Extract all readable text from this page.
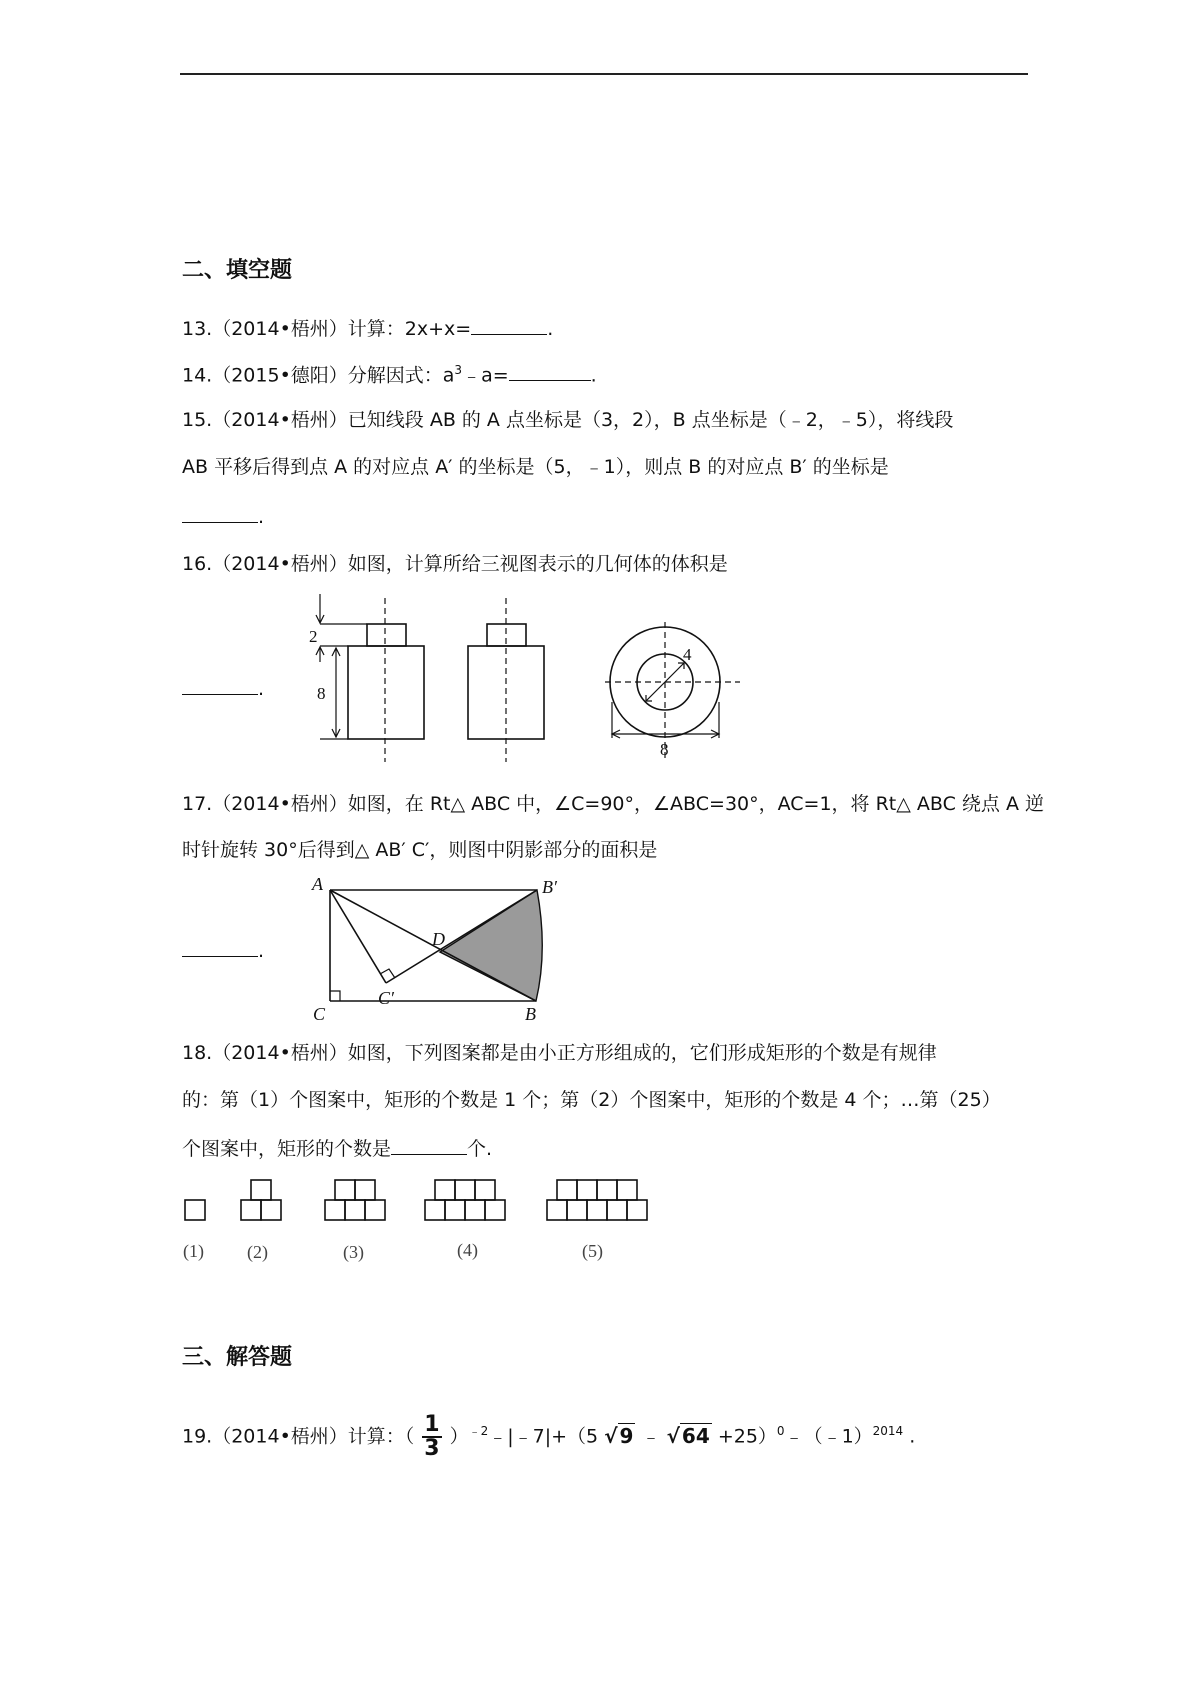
二、填空题
13.（2014•梧州）计算：2x+x=	.
14.（2015•德阳）分解因式：$a^3﹣a=$	.
15.（2014•梧州）已知线段 AB 的 A 点坐标是（3，2），B 点坐标是（﹣2，﹣5），将线段
AB 平移后得到点 A 的对应点 A′ 的坐标是（5，﹣1），则点 B 的对应点 B′ 的坐标是
.
16.（2014•梧州）如图，计算所给三视图表示的几何体的体积是
.
2
8
4
8
17.（2014•梧州）如图，在 Rt△ ABC 中，∠C=90°，∠ABC=30°，AC=1，将 Rt△ ABC 绕点 A 逆
时针旋转 30°后得到△ AB′ C′，则图中阴影部分的面积是
.
A	B′
D
C′
C	B
18.（2014•梧州）如图，下列图案都是由小正方形组成的，它们形成矩形的个数是有规律
的：第（1）个图案中，矩形的个数是 1 个；第（2）个图案中，矩形的个数是 4 个；…第（25）
个图案中，矩形的个数是	个.
(1) (2)	(3)	(4)	(5)
三、解答题
19.（2014•梧州）计算：（ $\frac{1}{3}$ ）$^{﹣2}$﹣|﹣7|+（5 √ 9 ﹣ √ 64 +25）$^0$﹣（﹣1）$^{2014}$ .
